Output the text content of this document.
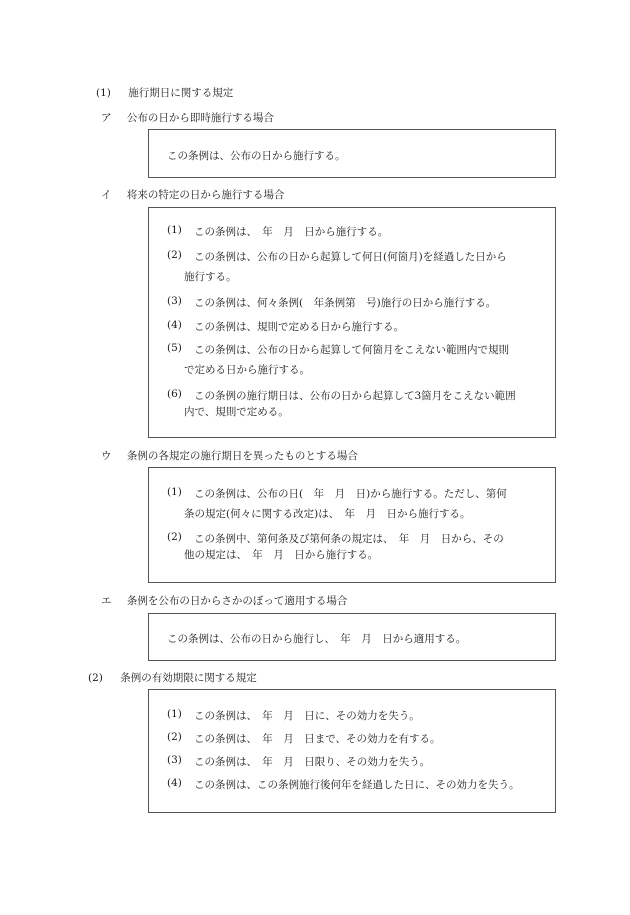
(1) 施行期日に関する規定
ア 公布の日から即時施行する場合
この条例は、公布の日から施行する。
イ 将来の特定の日から施行する場合
(1) この条例は、　年　月　日から施行する。
(2) この条例は、公布の日から起算して何日(何箇月)を経過した日から
施行する。
(3) この条例は、何々条例(　年条例第　号)施行の日から施行する。
(4) この条例は、規則で定める日から施行する。
(5) この条例は、公布の日から起算して何箇月をこえない範囲内で規則
で定める日から施行する。
(6) この条例の施行期日は、公布の日から起算して3箇月をこえない範囲
内で、規則で定める。
ウ 条例の各規定の施行期日を異ったものとする場合
(1) この条例は、公布の日(　年　月　日)から施行する。ただし、第何
条の規定(何々に関する改定)は、　年　月　日から施行する。
(2) この条例中、第何条及び第何条の規定は、　年　月　日から、その
他の規定は、　年　月　日から施行する。
エ 条例を公布の日からさかのぼって適用する場合
この条例は、公布の日から施行し、　年　月　日から適用する。
(2) 条例の有効期限に関する規定
(1) この条例は、　年　月　日に、その効力を失う。
(2) この条例は、　年　月　日まで、その効力を有する。
(3) この条例は、　年　月　日限り、その効力を失う。
(4) この条例は、この条例施行後何年を経過した日に、その効力を失う。
